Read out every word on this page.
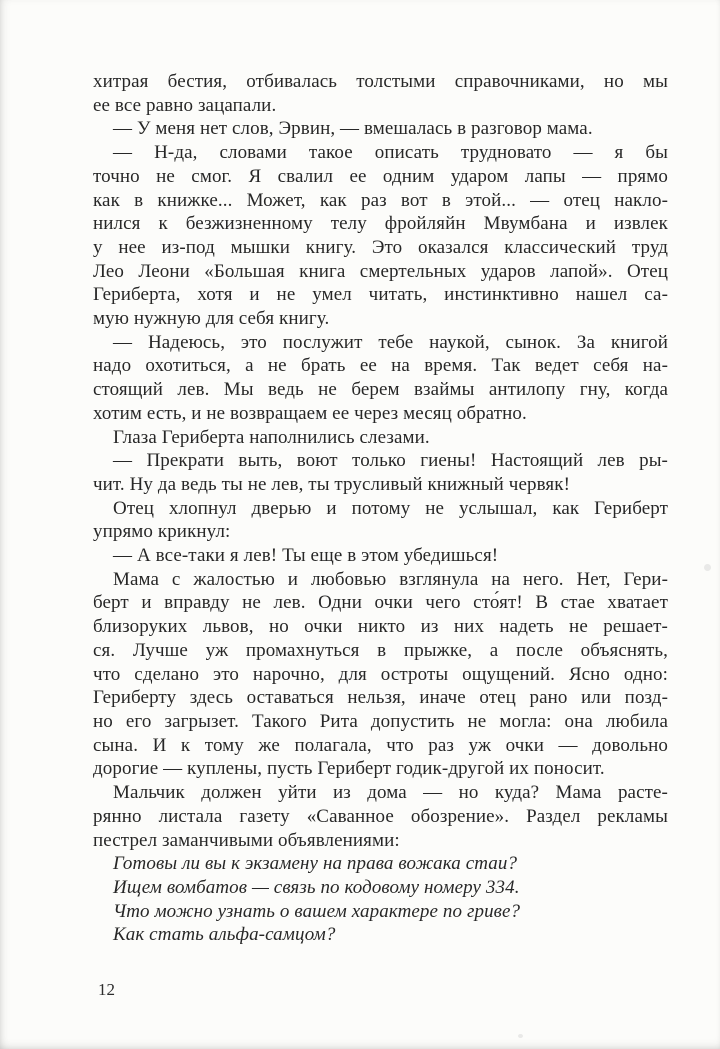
хитрая бестия, отбивалась толстыми справочниками, но мы
ее все равно зацапали.
— У меня нет слов, Эрвин, — вмешалась в разговор мама.
— Н-да, словами такое описать трудновато — я бы
точно не смог. Я свалил ее одним ударом лапы — прямо
как в книжке... Может, как раз вот в этой... — отец накло-
нился к безжизненному телу фройляйн Мвумбана и извлек
у нее из-под мышки книгу. Это оказался классический труд
Лео Леони «Большая книга смертельных ударов лапой». Отец
Гериберта, хотя и не умел читать, инстинктивно нашел са-
мую нужную для себя книгу.
— Надеюсь, это послужит тебе наукой, сынок. За книгой
надо охотиться, а не брать ее на время. Так ведет себя на-
стоящий лев. Мы ведь не берем взаймы антилопу гну, когда
хотим есть, и не возвращаем ее через месяц обратно.
Глаза Гериберта наполнились слезами.
— Прекрати выть, воют только гиены! Настоящий лев ры-
чит. Ну да ведь ты не лев, ты трусливый книжный червяк!
Отец хлопнул дверью и потому не услышал, как Гериберт
упрямо крикнул:
— А все-таки я лев! Ты еще в этом убедишься!
Мама с жалостью и любовью взглянула на него. Нет, Гери-
берт и вправду не лев. Одни очки чего сто́ят! В стае хватает
близоруких львов, но очки никто из них надеть не решает-
ся. Лучше уж промахнуться в прыжке, а после объяснять,
что сделано это нарочно, для остроты ощущений. Ясно одно:
Гериберту здесь оставаться нельзя, иначе отец рано или позд-
но его загрызет. Такого Рита допустить не могла: она любила
сына. И к тому же полагала, что раз уж очки — довольно
дорогие — куплены, пусть Гериберт годик-другой их поносит.
Мальчик должен уйти из дома — но куда? Мама расте-
рянно листала газету «Саванное обозрение». Раздел рекламы
пестрел заманчивыми объявлениями:
Готовы ли вы к экзамену на права вожака стаи?
Ищем вомбатов — связь по кодовому номеру 334.
Что можно узнать о вашем характере по гриве?
Как стать альфа-самцом?
12
